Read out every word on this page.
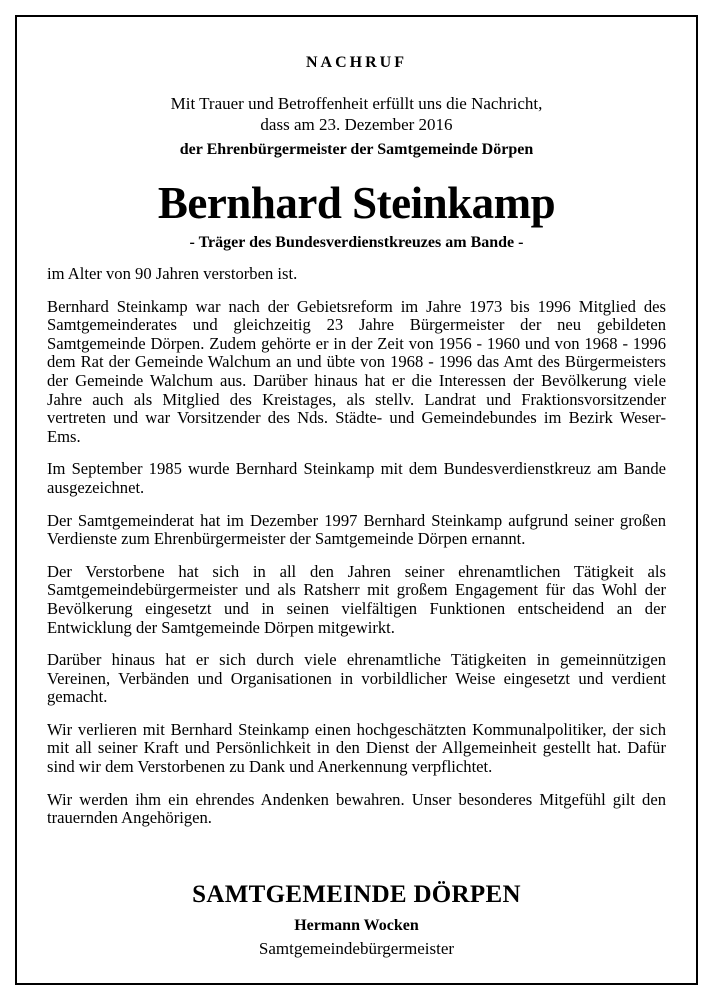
NACHRUF

Mit Trauer und Betroffenheit erfüllt uns die Nachricht,
dass am 23. Dezember 2016

der Ehrenbürgermeister der Samtgemeinde Dörpen

Bernhard Steinkamp

- Träger des Bundesverdienstkreuzes am Bande -

im Alter von 90 Jahren verstorben ist.

Bernhard Steinkamp war nach der Gebietsreform im Jahre 1973 bis 1996 Mitglied des Samtgemeinderates und gleichzeitig 23 Jahre Bürgermeister der neu gebildeten Samtgemeinde Dörpen. Zudem gehörte er in der Zeit von 1956 - 1960 und von 1968 - 1996 dem Rat der Gemeinde Walchum an und übte von 1968 - 1996 das Amt des Bürgermeisters der Gemeinde Walchum aus. Darüber hinaus hat er die Interessen der Bevölkerung viele Jahre auch als Mitglied des Kreistages, als stellv. Landrat und Fraktionsvorsitzender vertreten und war Vorsitzender des Nds. Städte- und Gemeindebundes im Bezirk Weser-Ems.

Im September 1985 wurde Bernhard Steinkamp mit dem Bundesverdienstkreuz am Bande ausgezeichnet.

Der Samtgemeinderat hat im Dezember 1997 Bernhard Steinkamp aufgrund seiner großen Verdienste zum Ehrenbürgermeister der Samtgemeinde Dörpen ernannt.

Der Verstorbene hat sich in all den Jahren seiner ehrenamtlichen Tätigkeit als Samtgemeindebürgermeister und als Ratsherr mit großem Engagement für das Wohl der Bevölkerung eingesetzt und in seinen vielfältigen Funktionen entscheidend an der Entwicklung der Samtgemeinde Dörpen mitgewirkt.

Darüber hinaus hat er sich durch viele ehrenamtliche Tätigkeiten in gemeinnützigen Vereinen, Verbänden und Organisationen in vorbildlicher Weise eingesetzt und verdient gemacht.

Wir verlieren mit Bernhard Steinkamp einen hochgeschätzten Kommunalpolitiker, der sich mit all seiner Kraft und Persönlichkeit in den Dienst der Allgemeinheit gestellt hat. Dafür sind wir dem Verstorbenen zu Dank und Anerkennung verpflichtet.

Wir werden ihm ein ehrendes Andenken bewahren. Unser besonderes Mitgefühl gilt den trauernden Angehörigen.

SAMTGEMEINDE DÖRPEN

Hermann Wocken

Samtgemeindebürgermeister
